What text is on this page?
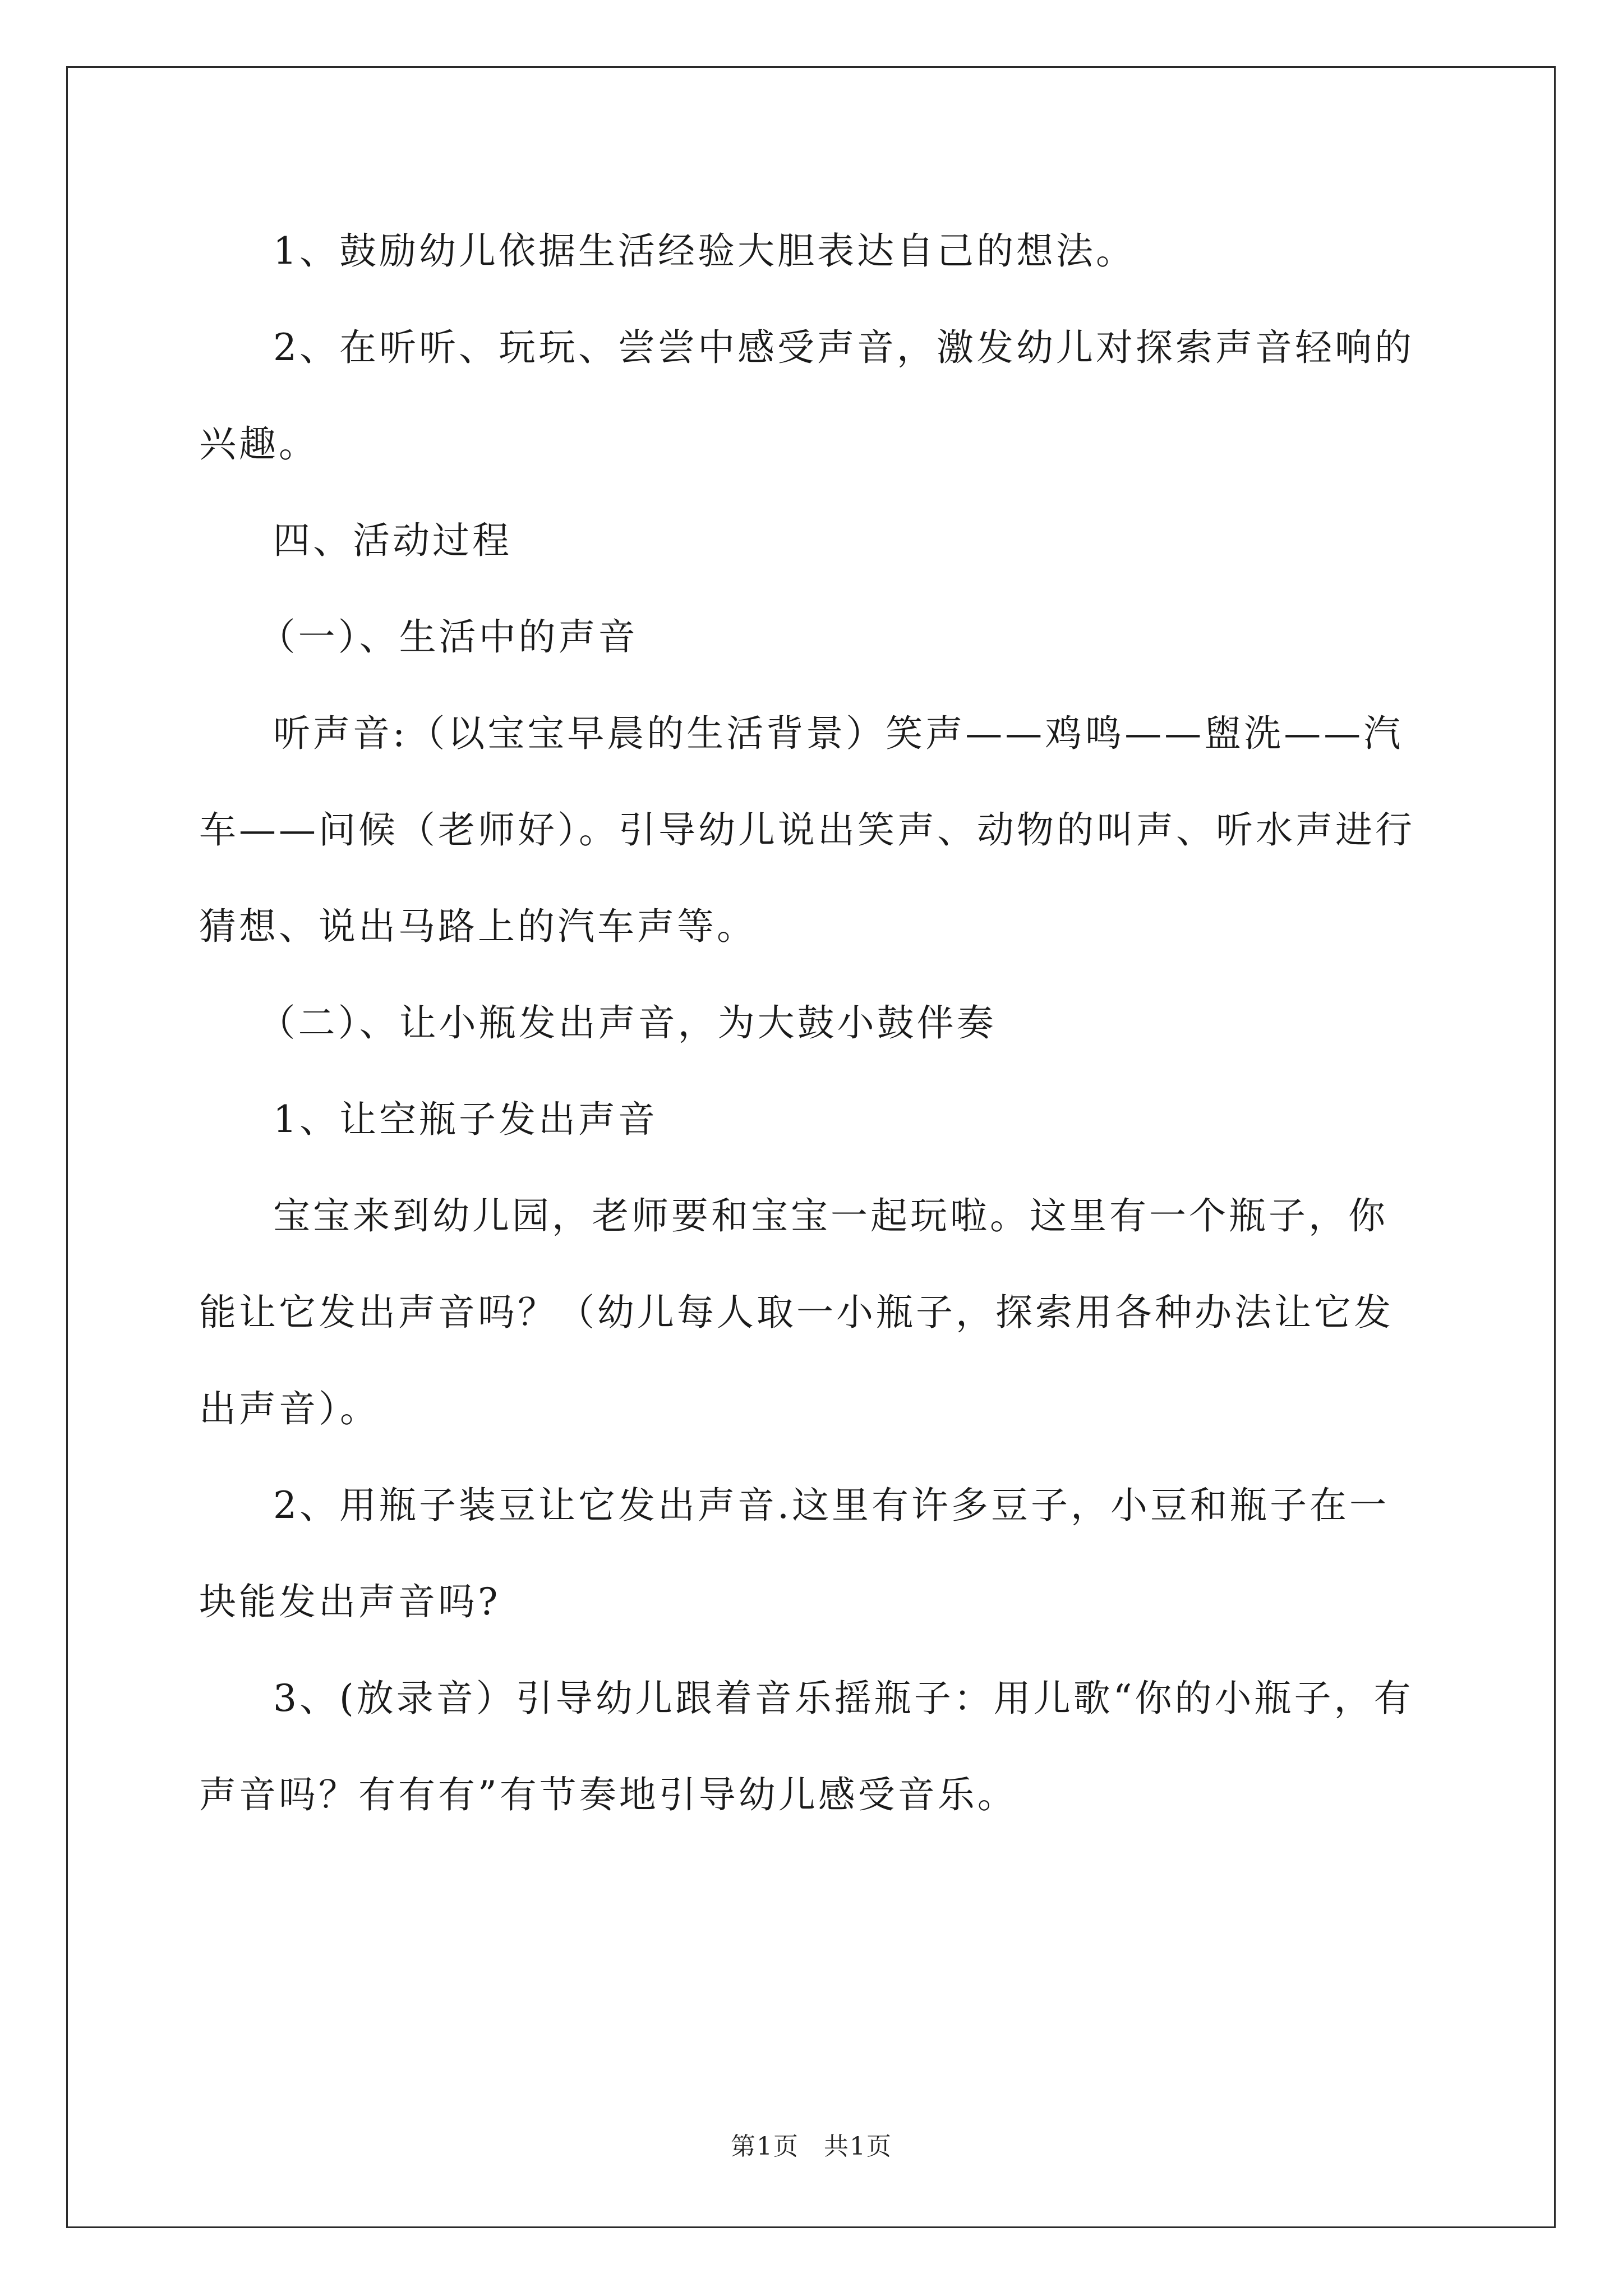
1、鼓励幼儿依据生活经验大胆表达自己的想法。

2、在听听、玩玩、尝尝中感受声音，激发幼儿对探索声音轻响的兴趣。

四、活动过程

（一）、生活中的声音

听声音:（以宝宝早晨的生活背景）笑声——鸡鸣——盥洗——汽车——问候（老师好）。引导幼儿说出笑声、动物的叫声、听水声进行猜想、说出马路上的汽车声等。

（二）、让小瓶发出声音，为大鼓小鼓伴奏

1、让空瓶子发出声音

宝宝来到幼儿园，老师要和宝宝一起玩啦。这里有一个瓶子，你能让它发出声音吗？（幼儿每人取一小瓶子，探索用各种办法让它发出声音）。

2、用瓶子装豆让它发出声音.这里有许多豆子，小豆和瓶子在一块能发出声音吗?

3、(放录音）引导幼儿跟着音乐摇瓶子：用儿歌“你的小瓶子，有声音吗？有有有”有节奏地引导幼儿感受音乐。

第1页 共1页
